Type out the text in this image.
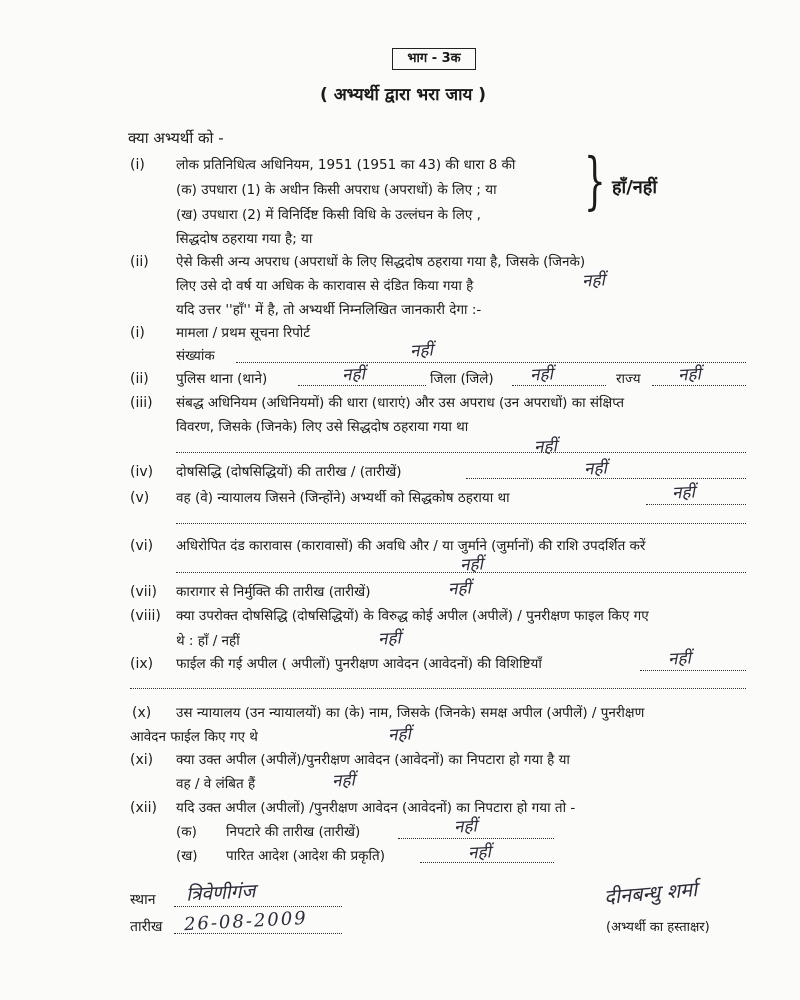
भाग - 3क
( अभ्यर्थी द्वारा भरा जाय )
क्या अभ्यर्थी को -
(i) लोक प्रतिनिधित्व अधिनियम, 1951 (1951 का 43) की धारा 8 की
(क) उपधारा (1) के अधीन किसी अपराध (अपराधों) के लिए ; या
(ख) उपधारा (2) में विनिर्दिष्ट किसी विधि के उल्लंघन के लिए ,
सिद्धदोष ठहराया गया है; या
} हाँ/नहीं
(ii) ऐसे किसी अन्य अपराध (अपराधों के लिए सिद्धदोष ठहराया गया है, जिसके (जिनके)
लिए उसे दो वर्ष या अधिक के कारावास से दंडित किया गया है	नहीं
यदि उत्तर ''हाँ'' में है, तो अभ्यर्थी निम्नलिखित जानकारी देगा :-
(i) मामला / प्रथम सूचना रिपोर्ट
संख्यांक	नहीं
(ii) पुलिस थाना (थाने)	नहीं	जिला (जिले) नहीं	राज्य नहीं
(iii) संबद्ध अधिनियम (अधिनियमों) की धारा (धाराएं) और उस अपराध (उन अपराधों) का संक्षिप्त
विवरण, जिसके (जिनके) लिए उसे सिद्धदोष ठहराया गया था
नहीं
(iv) दोषसिद्धि (दोषसिद्धियों) की तारीख / (तारीखें)	नहीं
(v) वह (वे) न्यायालय जिसने (जिन्होंने) अभ्यर्थी को सिद्धकोष ठहराया था	नहीं
(vi) अधिरोपित दंड कारावास (कारावासों) की अवधि और / या जुर्माने (जुर्मानों) की राशि उपदर्शित करें
नहीं
(vii) कारागार से निर्मुक्ति की तारीख (तारीखें)	नहीं
(viii) क्या उपरोक्त दोषसिद्धि (दोषसिद्धियों) के विरुद्ध कोई अपील (अपीलें) / पुनरीक्षण फाइल किए गए
थे : हाँ / नहीं	नहीं
(ix) फाईल की गई अपील ( अपीलों) पुनरीक्षण आवेदन (आवेदनों) की विशिष्टियाँ	नहीं
(x) उस न्यायालय (उन न्यायालयों) का (के) नाम, जिसके (जिनके) समक्ष अपील (अपीलें) / पुनरीक्षण
आवेदन फाईल किए गए थे	नहीं
(xi) क्या उक्त अपील (अपीलें)/पुनरीक्षण आवेदन (आवेदनों) का निपटारा हो गया है या
वह / वे लंबित हैं	नहीं
(xii) यदि उक्त अपील (अपीलों) /पुनरीक्षण आवेदन (आवेदनों) का निपटारा हो गया तो -
(क) निपटारे की तारीख (तारीखें)	नहीं
(ख) पारित आदेश (आदेश की प्रकृति)	नहीं
स्थान त्रिवेणीगंज
तारीख 26-08-2009
दीनबन्धु शर्मा
(अभ्यर्थी का हस्ताक्षर)
